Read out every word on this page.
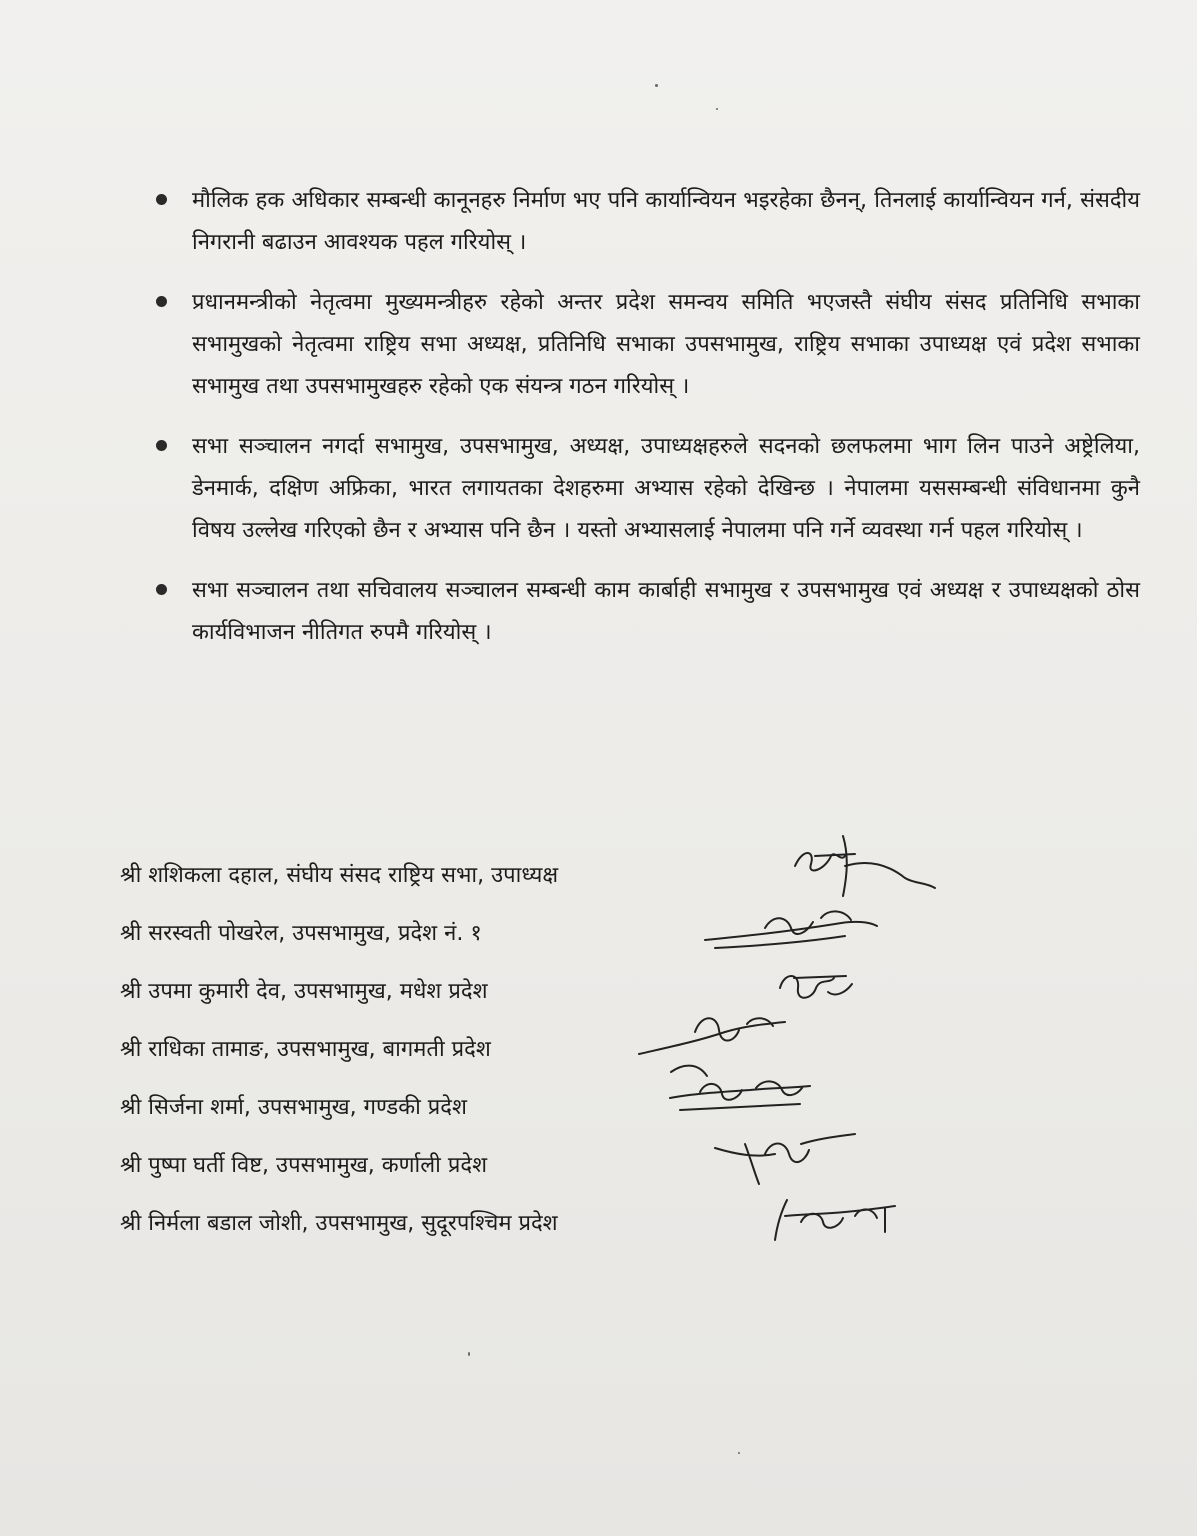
मौलिक हक अधिकार सम्बन्धी कानूनहरु निर्माण भए पनि कार्यान्वियन भइरहेका छैनन्, तिनलाई कार्यान्वियन गर्न, संसदीय निगरानी बढाउन आवश्यक पहल गरियोस् ।
प्रधानमन्त्रीको नेतृत्वमा मुख्यमन्त्रीहरु रहेको अन्तर प्रदेश समन्वय समिति भएजस्तै संघीय संसद प्रतिनिधि सभाका सभामुखको नेतृत्वमा राष्ट्रिय सभा अध्यक्ष, प्रतिनिधि सभाका उपसभामुख, राष्ट्रिय सभाका उपाध्यक्ष एवं प्रदेश सभाका सभामुख तथा उपसभामुखहरु रहेको एक संयन्त्र गठन गरियोस् ।
सभा सञ्चालन नगर्दा सभामुख, उपसभामुख, अध्यक्ष, उपाध्यक्षहरुले सदनको छलफलमा भाग लिन पाउने अष्ट्रेलिया, डेनमार्क, दक्षिण अफ्रिका, भारत लगायतका देशहरुमा अभ्यास रहेको देखिन्छ । नेपालमा यससम्बन्धी संविधानमा कुनै विषय उल्लेख गरिएको छैन र अभ्यास पनि छैन । यस्तो अभ्यासलाई नेपालमा पनि गर्ने व्यवस्था गर्न पहल गरियोस् ।
सभा सञ्चालन तथा सचिवालय सञ्चालन सम्बन्धी काम कार्बाही सभामुख र उपसभामुख एवं अध्यक्ष र उपाध्यक्षको ठोस कार्यविभाजन नीतिगत रुपमै गरियोस् ।
श्री शशिकला दहाल, संघीय संसद राष्ट्रिय सभा, उपाध्यक्ष
श्री सरस्वती पोखरेल, उपसभामुख, प्रदेश नं. १
श्री उपमा कुमारी देव, उपसभामुख, मधेश प्रदेश
श्री राधिका तामाङ, उपसभामुख, बागमती प्रदेश
श्री सिर्जना शर्मा, उपसभामुख, गण्डकी प्रदेश
श्री पुष्पा घर्ती विष्ट, उपसभामुख, कर्णाली प्रदेश
श्री निर्मला बडाल जोशी, उपसभामुख, सुदूरपश्चिम प्रदेश
